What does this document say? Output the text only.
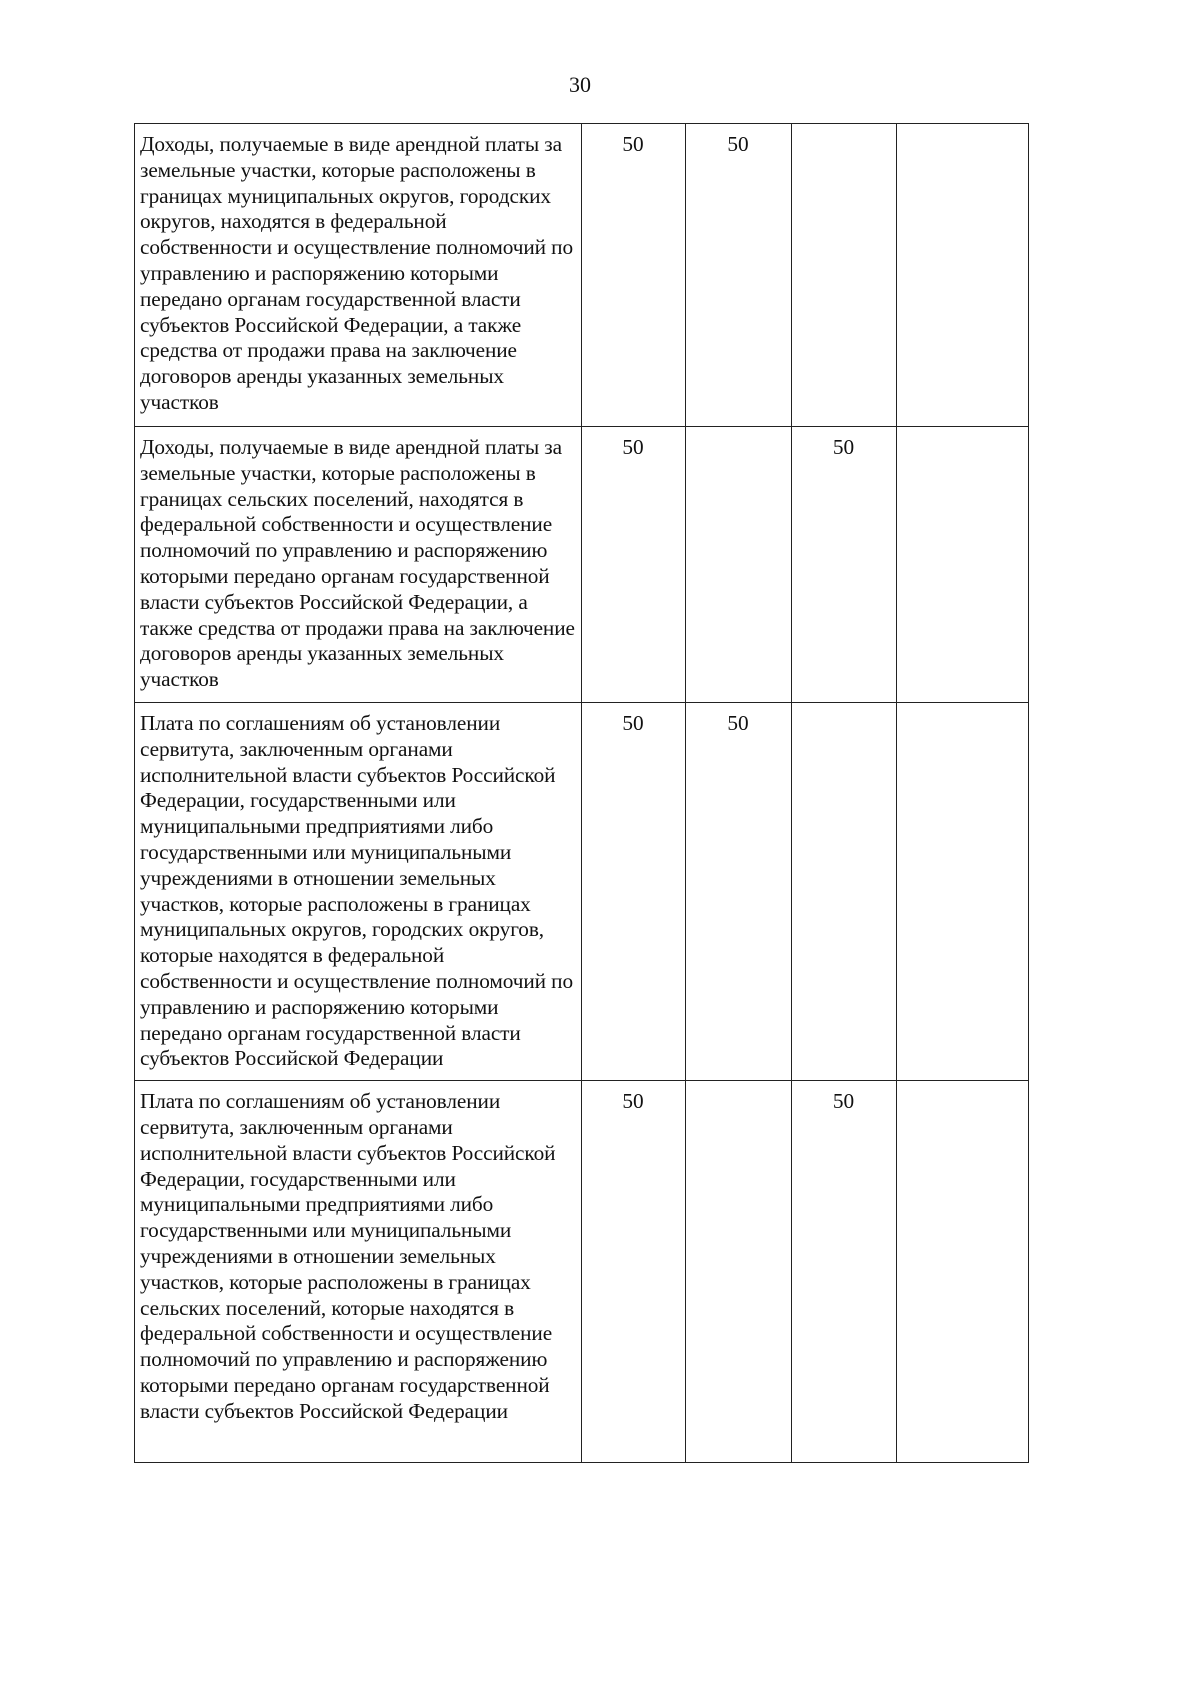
30
Доходы, получаемые в виде арендной платы за земельные участки, которые расположены в границах муниципальных округов, городских округов, находятся в федеральной собственности и осуществление полномочий по управлению и распоряжению которыми передано органам государственной власти субъектов Российской Федерации, а также средства от продажи права на заключение договоров аренды указанных земельных участков	50	50		
Доходы, получаемые в виде арендной платы за земельные участки, которые расположены в границах сельских поселений, находятся в федеральной собственности и осуществление полномочий по управлению и распоряжению которыми передано органам государственной власти субъектов Российской Федерации, а также средства от продажи права на заключение договоров аренды указанных земельных участков	50		50	
Плата по соглашениям об установлении сервитута, заключенным органами исполнительной власти субъектов Российской Федерации, государственными или муниципальными предприятиями либо государственными или муниципальными учреждениями в отношении земельных участков, которые расположены в границах муниципальных округов, городских округов, которые находятся в федеральной собственности и осуществление полномочий по управлению и распоряжению которыми передано органам государственной власти субъектов Российской Федерации	50	50		
Плата по соглашениям об установлении сервитута, заключенным органами исполнительной власти субъектов Российской Федерации, государственными или муниципальными предприятиями либо государственными или муниципальными учреждениями в отношении земельных участков, которые расположены в границах сельских поселений, которые находятся в федеральной собственности и осуществление полномочий по управлению и распоряжению которыми передано органам государственной власти субъектов Российской Федерации	50		50	
